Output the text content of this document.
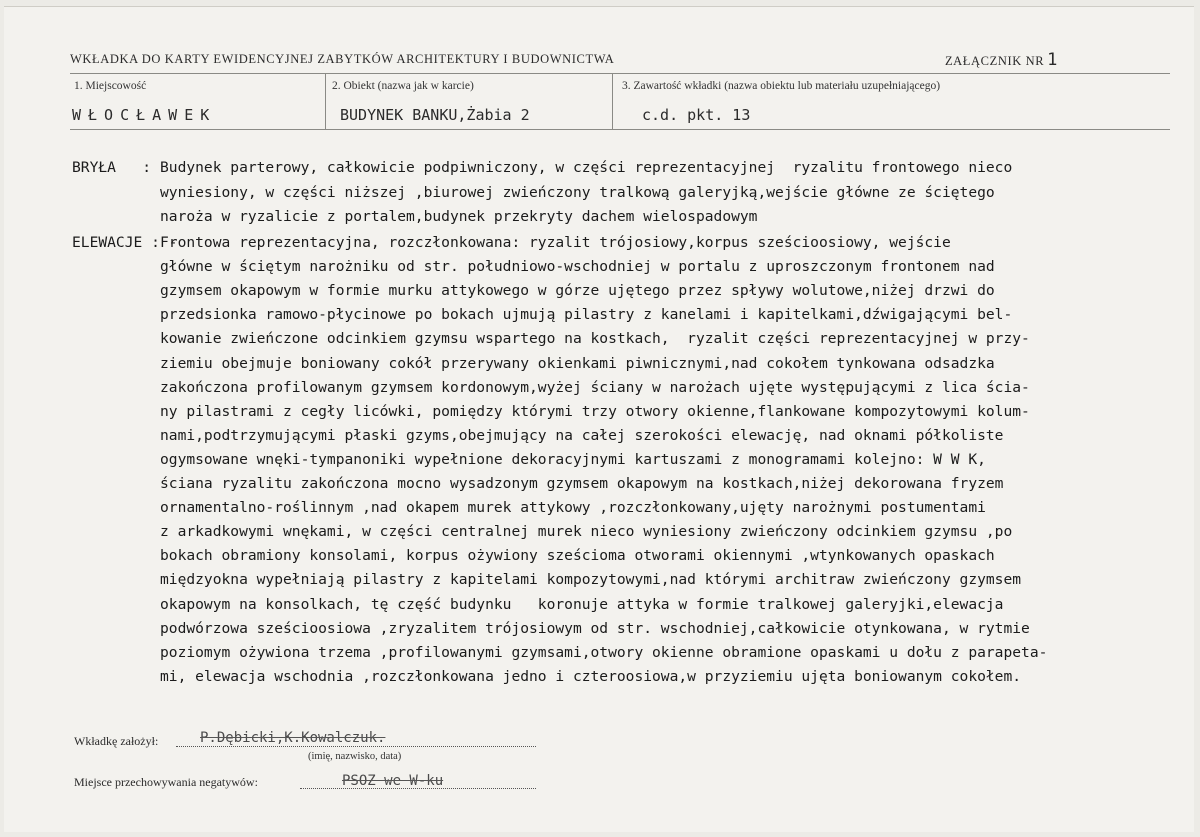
WKŁADKA DO KARTY EWIDENCYJNEJ ZABYTKÓW ARCHITEKTURY I BUDOWNICTWA	ZAŁĄCZNIK NR 1
1. Miejscowość
WŁOCŁAWEK
2. Obiekt (nazwa jak w karcie)
BUDYNEK BANKU,Żabia 2
3. Zawartość wkładki (nazwa obiektu lub materiału uzupełniającego)
c.d. pkt. 13
BRYŁA   : Budynek parterowy, całkowicie podpiwniczony, w części reprezentacyjnej  ryzalitu frontowego nieco
wyniesiony, w części niższej ,biurowej zwieńczony tralkową galeryjką,wejście główne ze ściętego
naroża w ryzalicie z portalem,budynek przekryty dachem wielospadowym
ELEWACJE : -
Frontowa reprezentacyjna, rozczłonkowana: ryzalit trójosiowy,korpus sześcioosiowy, wejście
główne w ściętym narożniku od str. południowo-wschodniej w portalu z uproszczonym frontonem nad
gzymsem okapowym w formie murku attykowego w górze ujętego przez spływy wolutowe,niżej drzwi do
przedsionka ramowo-płycinowe po bokach ujmują pilastry z kanelami i kapitelkami,dźwigającymi bel-
kowanie zwieńczone odcinkiem gzymsu wspartego na kostkach,  ryzalit części reprezentacyjnej w przy-
ziemiu obejmuje boniowany cokół przerywany okienkami piwnicznymi,nad cokołem tynkowana odsadzka
zakończona profilowanym gzymsem kordonowym,wyżej ściany w narożach ujęte występującymi z lica ścia-
ny pilastrami z cegły licówki, pomiędzy którymi trzy otwory okienne,flankowane kompozytowymi kolum-
nami,podtrzymującymi płaski gzyms,obejmujący na całej szerokości elewację, nad oknami półkoliste
ogymsowane wnęki-tympanoniki wypełnione dekoracyjnymi kartuszami z monogramami kolejno: W W K,
ściana ryzalitu zakończona mocno wysadzonym gzymsem okapowym na kostkach,niżej dekorowana fryzem
ornamentalno-roślinnym ,nad okapem murek attykowy ,rozczłonkowany,ujęty narożnymi postumentami
z arkadkowymi wnękami, w części centralnej murek nieco wyniesiony zwieńczony odcinkiem gzymsu ,po
bokach obramiony konsolami, korpus ożywiony sześcioma otworami okiennymi ,wtynkowanych opaskach
międzyokna wypełniają pilastry z kapitelami kompozytowymi,nad którymi architraw zwieńczony gzymsem
okapowym na konsolkach, tę część budynku   koronuje attyka w formie tralkowej galeryjki,elewacja
podwórzowa sześcioosiowa ,zryzalitem trójosiowym od str. wschodniej,całkowicie otynkowana, w rytmie
poziomym ożywiona trzema ,profilowanymi gzymsami,otwory okienne obramione opaskami u dołu z parapeta-
mi, elewacja wschodnia ,rozczłonkowana jedno i czteroosiowa,w przyziemiu ujęta boniowanym cokołem.
Wkładkę założył:	P.Dębicki,K.Kowalczuk.
(imię, nazwisko, data)
Miejsce przechowywania negatywów:	PSOZ we W-ku
